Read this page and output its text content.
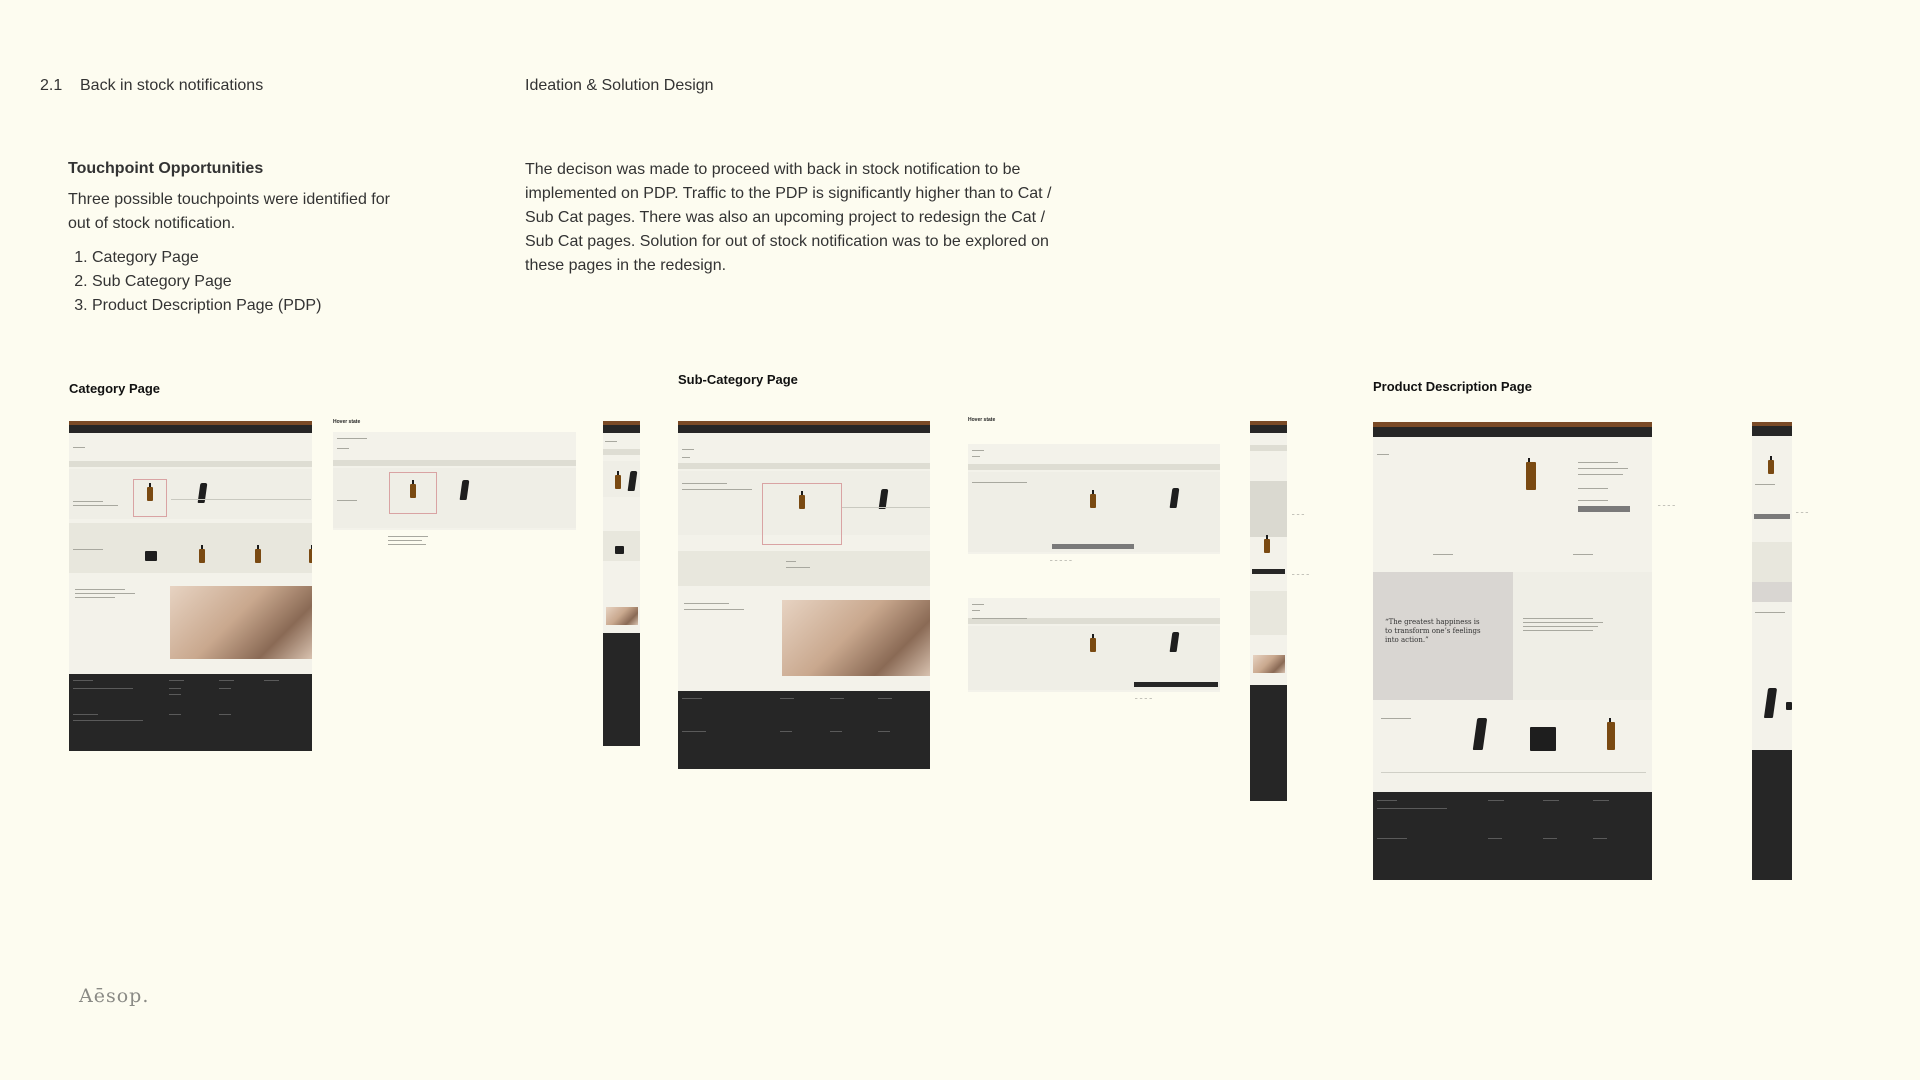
2.1 Back in stock notifications	Ideation & Solution Design
Touchpoint Opportunities
Three possible touchpoints were identified for out of stock notification.
1. Category Page
2. Sub Category Page
3. Product Description Page (PDP)
The decison was made to proceed with back in stock notification to be implemented on PDP. Traffic to the PDP is significantly higher than to Cat / Sub Cat pages. There was also an upcoming project to redesign the Cat / Sub Cat pages. Solution for out of stock notification was to be explored on these pages in the redesign.
Category Page
Sub-Category Page	Product Description Page
Hover state	Hover state
— — — — —
— — — —
— — —
— — — —
“The greatest happiness is to transform one’s feelings into action.”
— — — —
— — —
Aēsop.
